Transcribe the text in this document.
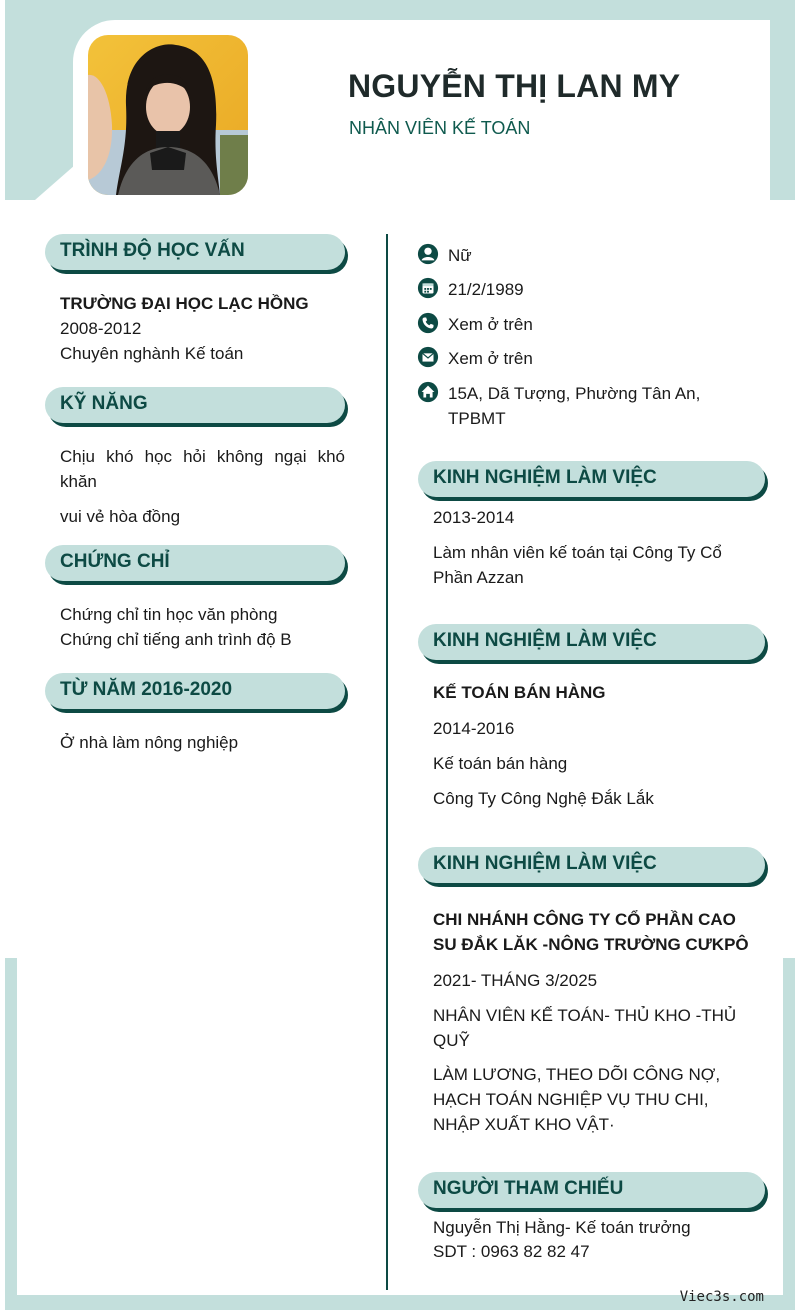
NGUYỄN THỊ LAN MY
NHÂN VIÊN KẾ TOÁN
TRÌNH ĐỘ HỌC VẤN
TRƯỜNG ĐẠI HỌC LẠC HỒNG
2008-2012
Chuyên nghành Kế toán
KỸ NĂNG
Chịu khó học hỏi không ngại khó khăn
vui vẻ hòa đồng
CHỨNG CHỈ
Chứng chỉ tin học văn phòng
Chứng chỉ tiếng anh trình độ B
TỪ NĂM 2016-2020
Ở nhà làm nông nghiệp
Nữ
21/2/1989
Xem ở trên
Xem ở trên
15A, Dã Tượng, Phường Tân An, TPBMT
KINH NGHIỆM LÀM VIỆC
2013-2014
Làm nhân viên kế toán tại Công Ty Cổ Phần Azzan
KINH NGHIỆM LÀM VIỆC
KẾ TOÁN BÁN HÀNG
2014-2016
Kế toán bán hàng
Công Ty Công Nghệ Đắk Lắk
KINH NGHIỆM LÀM VIỆC
CHI NHÁNH CÔNG TY CỔ PHẦN CAO SU ĐẮK LĂK -NÔNG TRƯỜNG CƯKPÔ
2021- THÁNG 3/2025
NHÂN VIÊN KẾ TOÁN- THỦ KHO -THỦ QUỸ
LÀM LƯƠNG, THEO DÕI CÔNG NỢ, HẠCH TOÁN NGHIỆP VỤ THU CHI, NHẬP XUẤT KHO VẬT·
NGƯỜI THAM CHIẾU
Nguyễn Thị Hằng- Kế toán trưởng
SDT : 0963 82 82 47
Viec3s.com
